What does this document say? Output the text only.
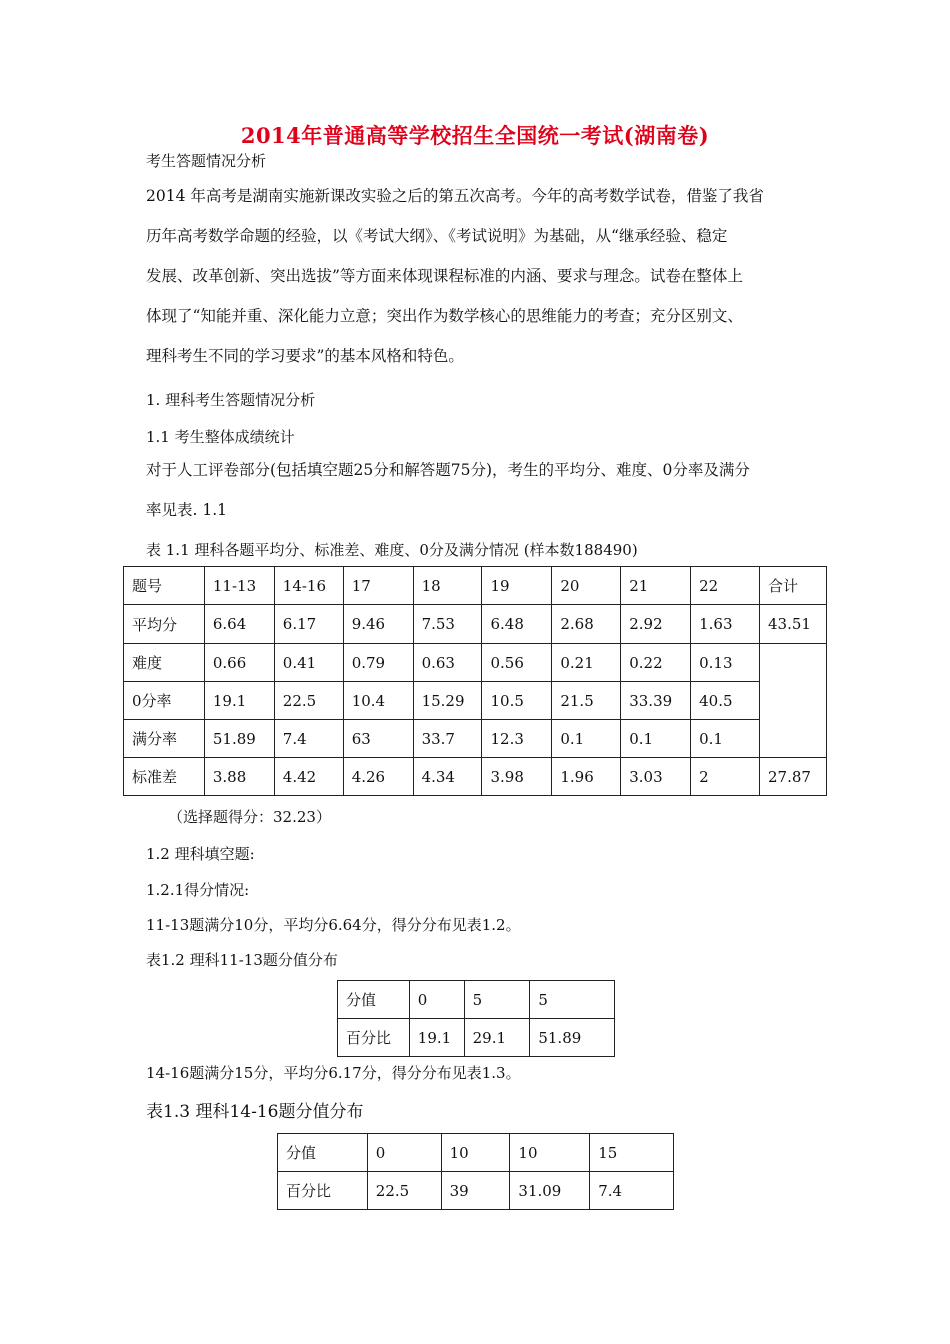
2014年普通高等学校招生全国统一考试(湖南卷)
考生答题情况分析

2014 年高考是湖南实施新课改实验之后的第五次高考。今年的高考数学试卷，借鉴了我省

历年高考数学命题的经验，以《考试大纲》、《考试说明》为基础，从“继承经验、稳定

发展、改革创新、突出选拔”等方面来体现课程标准的内涵、要求与理念。试卷在整体上

体现了“知能并重、深化能力立意；突出作为数学核心的思维能力的考查；充分区别文、

理科考生不同的学习要求”的基本风格和特色。

1. 理科考生答题情况分析
1.1 考生整体成绩统计

对于人工评卷部分(包括填空题25分和解答题75分)，考生的平均分、难度、0分率及满分

率见表. 1.1

表 1.1 理科各题平均分、标准差、难度、0分及满分情况 (样本数188490)
题号	11-13	14-16	17	18	19	20	21	22	合计
平均分	6.64	6.17	9.46	7.53	6.48	2.68	2.92	1.63	43.51
难度	0.66	0.41	0.79	0.63	0.56	0.21	0.22	0.13	
0分率	19.1	22.5	10.4	15.29	10.5	21.5	33.39	40.5	
满分率	51.89	7.4	63	33.7	12.3	0.1	0.1	0.1	
标准差	3.88	4.42	4.26	4.34	3.98	1.96	3.03	2	27.87
（选择题得分：32.23）
1.2 理科填空题:
1.2.1得分情况:
11-13题满分10分，平均分6.64分，得分分布见表1.2。
表1.2 理科11-13题分值分布
分值	0	5	5
百分比	19.1	29.1	51.89
14-16题满分15分，平均分6.17分，得分分布见表1.3。
表1.3 理科14-16题分值分布
分值	0	10	10	15
百分比	22.5	39	31.09	7.4
